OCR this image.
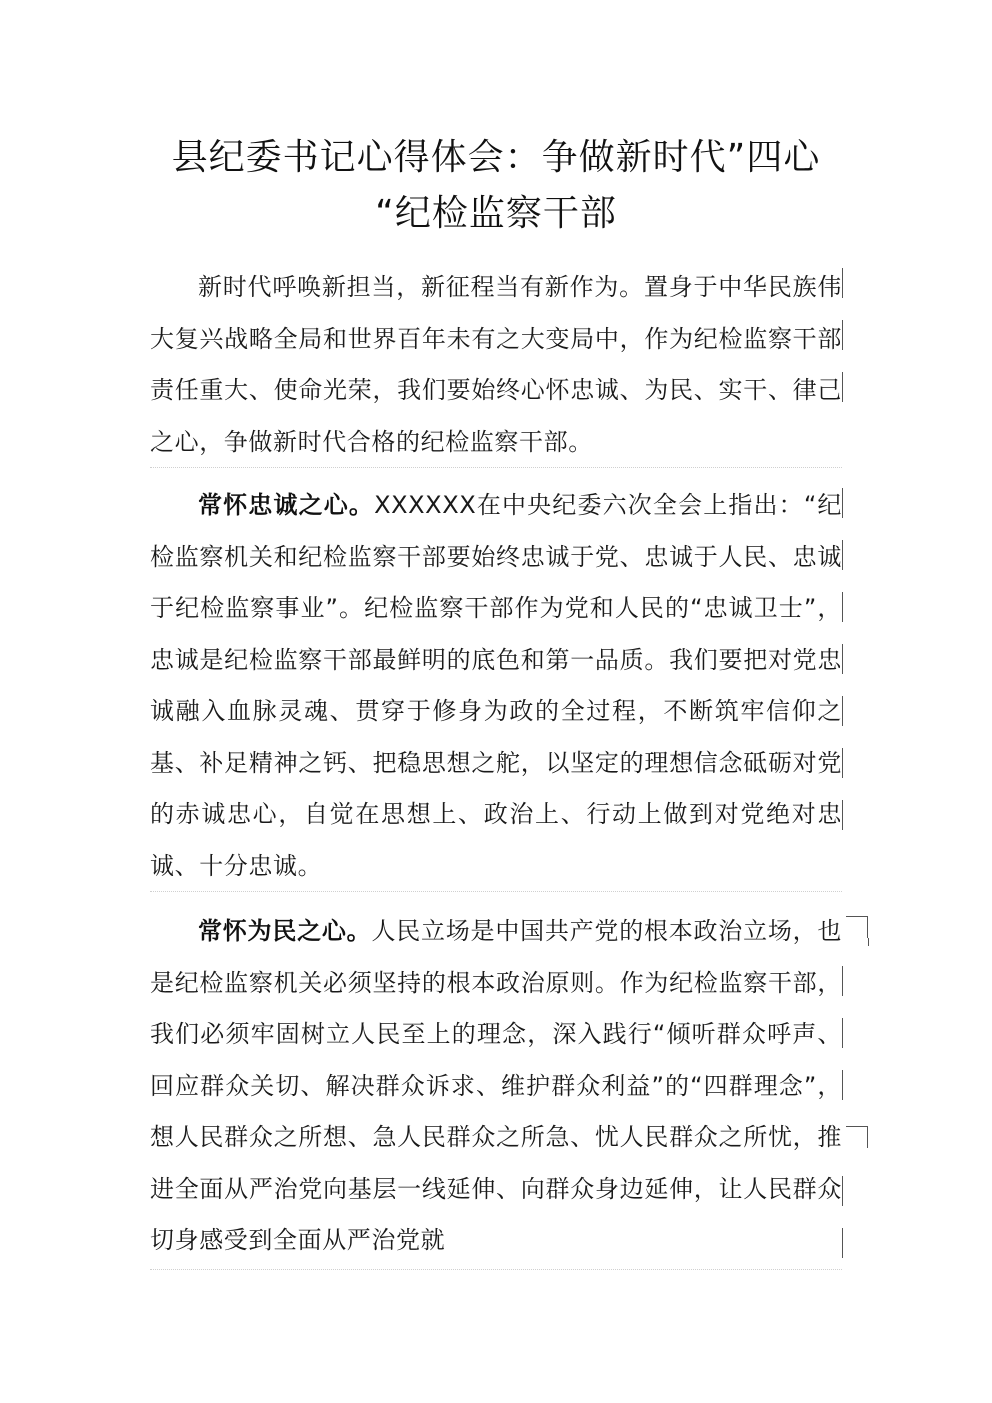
县纪委书记心得体会：争做新时代”四心
“纪检监察干部
新时代呼唤新担当，新征程当有新作为。置身于中华民族伟大复兴战略全局和世界百年未有之大变局中，作为纪检监察干部责任重大、使命光荣，我们要始终心怀忠诚、为民、实干、律己之心，争做新时代合格的纪检监察干部。
常怀忠诚之心。XXXXXX在中央纪委六次全会上指出：“纪检监察机关和纪检监察干部要始终忠诚于党、忠诚于人民、忠诚于纪检监察事业”。纪检监察干部作为党和人民的“忠诚卫士”，忠诚是纪检监察干部最鲜明的底色和第一品质。我们要把对党忠诚融入血脉灵魂、贯穿于修身为政的全过程，不断筑牢信仰之基、补足精神之钙、把稳思想之舵，以坚定的理想信念砥砺对党的赤诚忠心，自觉在思想上、政治上、行动上做到对党绝对忠诚、十分忠诚。
常怀为民之心。人民立场是中国共产党的根本政治立场，也是纪检监察机关必须坚持的根本政治原则。作为纪检监察干部，我们必须牢固树立人民至上的理念，深入践行“倾听群众呼声、回应群众关切、解决群众诉求、维护群众利益”的“四群理念”，想人民群众之所想、急人民群众之所急、忧人民群众之所忧，推进全面从严治党向基层一线延伸、向群众身边延伸，让人民群众切身感受到全面从严治党就
